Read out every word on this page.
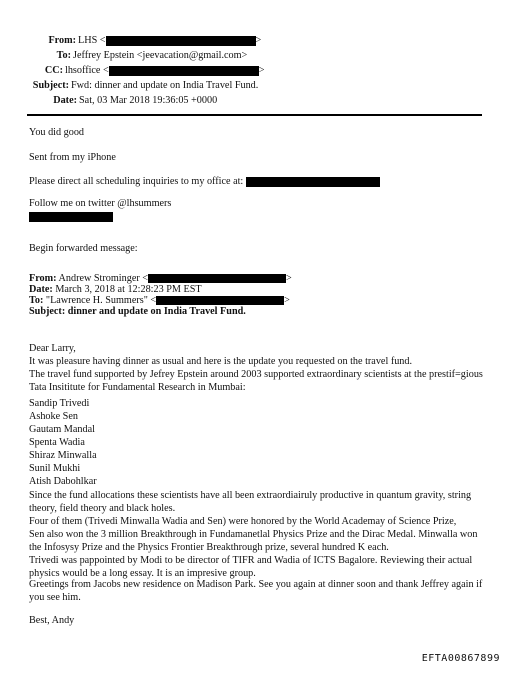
From: LHS <	>
To: Jeffrey Epstein <jeevacation@gmail.com>
CC: lhsoffice <	>
Subject: Fwd: dinner and update on India Travel Fund.
Date: Sat, 03 Mar 2018 19:36:05 +0000

You did good

Sent from my iPhone

Please direct all scheduling inquiries to my office at:

Follow me on twitter @lhsummers

Begin forwarded message:

From: Andrew Strominger <	>
Date: March 3, 2018 at 12:28:23 PM EST
To: "Lawrence H. Summers" <	>
Subject: dinner and update on India Travel Fund.

Dear Larry,

It was pleasure having dinner as usual and here is the update you requested on the travel fund.

The travel fund supported by Jefrey Epstein around 2003 supported extraordinary scientists at the prestif=gious

Tata Insititute for Fundamental Research in Mumbai:

Sandip Trivedi

Ashoke Sen

Gautam Mandal

Spenta Wadia

Shiraz Minwalla

Sunil Mukhi

Atish Dabohlkar

Since the fund allocations these scientists have all been extraordiairuly productive in quantum gravity, string

theory, field theory and black holes.

Four of them (Trivedi Minwalla Wadia and Sen) were honored by the World Academay of Science Prize,

Sen also won the 3 million Breakthrough in Fundamanetlal Physics Prize and the Dirac Medal. Minwalla won

the Infosysy Prize and the Physics Frontier Breakthrough prize, several hundred K each.

Trivedi was pappointed by Modi to be director of TIFR and Wadia of ICTS Bagalore. Reviewing their actual

physics would be a long essay. It is an impresive group.

Greetings from Jacobs new residence on Madison Park. See you again at dinner soon and thank Jeffrey again if

you see him.

Best, Andy

EFTA00867899
